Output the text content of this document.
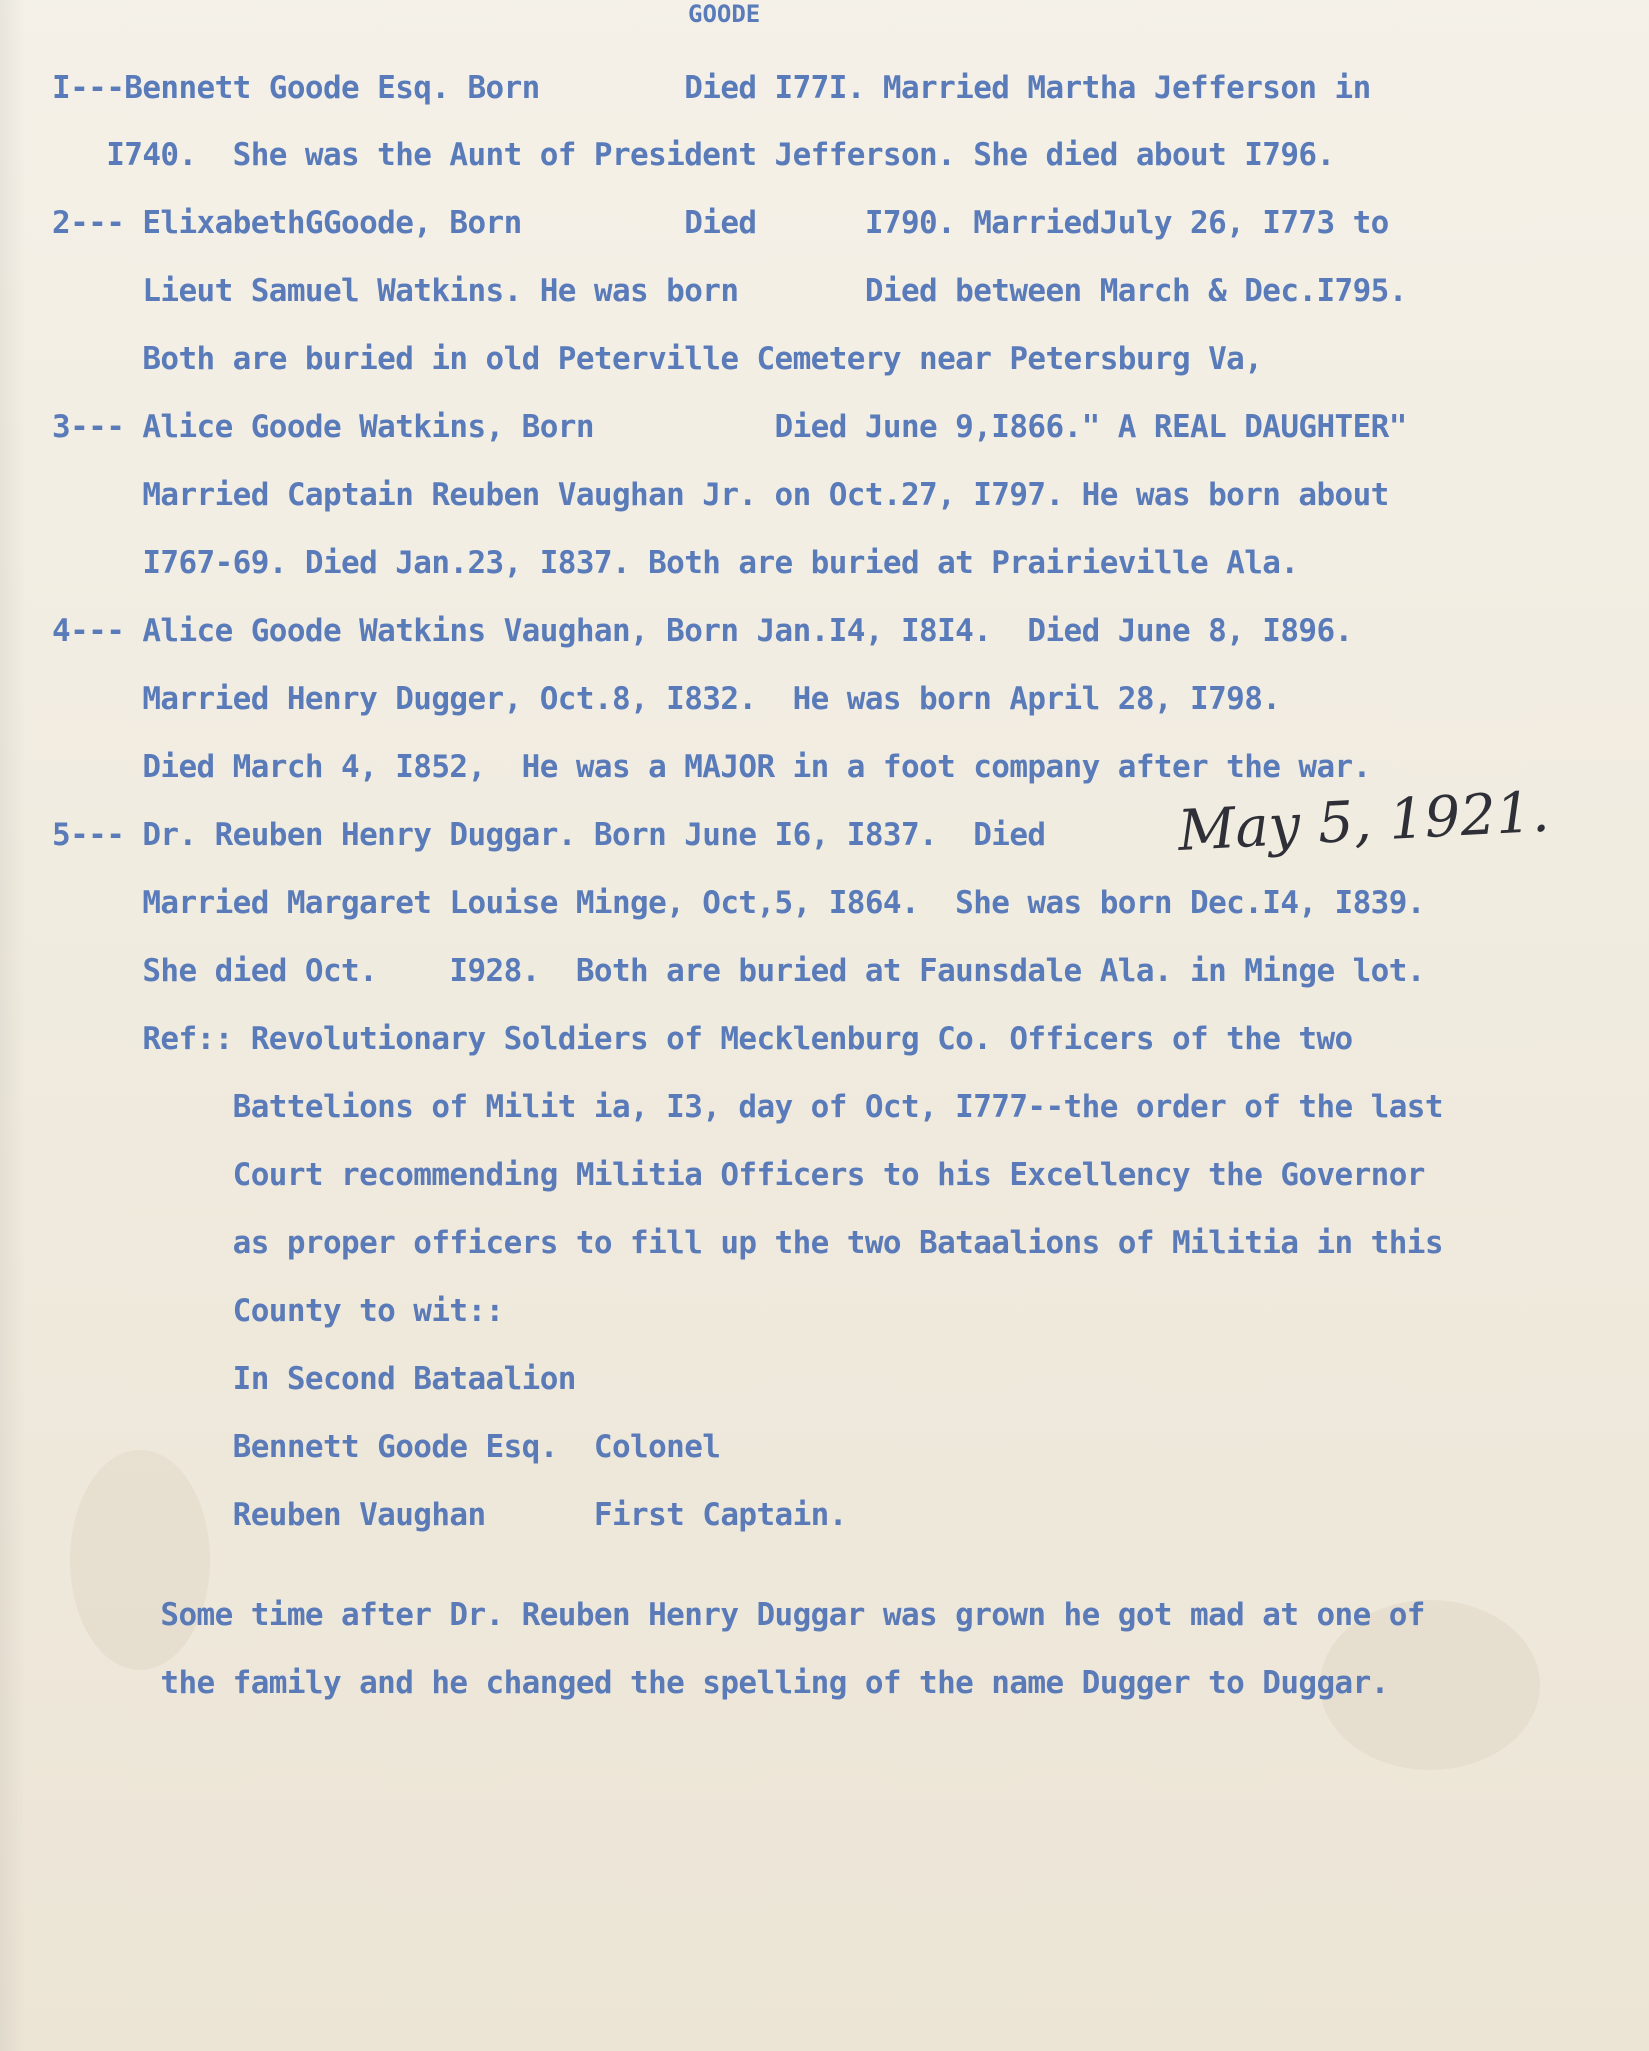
GOODE
I---Bennett Goode Esq. Born        Died I77I. Married Martha Jefferson in
I740.  She was the Aunt of President Jefferson. She died about I796.
2--- ElixabethGGoode, Born         Died      I790. MarriedJuly 26, I773 to
Lieut Samuel Watkins. He was born       Died between March & Dec.I795.
Both are buried in old Peterville Cemetery near Petersburg Va,
3--- Alice Goode Watkins, Born          Died June 9,I866." A REAL DAUGHTER"
Married Captain Reuben Vaughan Jr. on Oct.27, I797. He was born about
I767-69. Died Jan.23, I837. Both are buried at Prairieville Ala.
4--- Alice Goode Watkins Vaughan, Born Jan.I4, I8I4.  Died June 8, I896.
Married Henry Dugger, Oct.8, I832.  He was born April 28, I798.
Died March 4, I852,  He was a MAJOR in a foot company after the war.
5--- Dr. Reuben Henry Duggar. Born June I6, I837.  Died
Married Margaret Louise Minge, Oct,5, I864.  She was born Dec.I4, I839.
She died Oct.    I928.  Both are buried at Faunsdale Ala. in Minge lot.
Ref:: Revolutionary Soldiers of Mecklenburg Co. Officers of the two
Battelions of Milit ia, I3, day of Oct, I777--the order of the last
Court recommending Militia Officers to his Excellency the Governor
as proper officers to fill up the two Bataalions of Militia in this
County to wit::
In Second Bataalion
Bennett Goode Esq.  Colonel
Reuben Vaughan      First Captain.
Some time after Dr. Reuben Henry Duggar was grown he got mad at one of
the family and he changed the spelling of the name Dugger to Duggar.
May 5, 1921.
